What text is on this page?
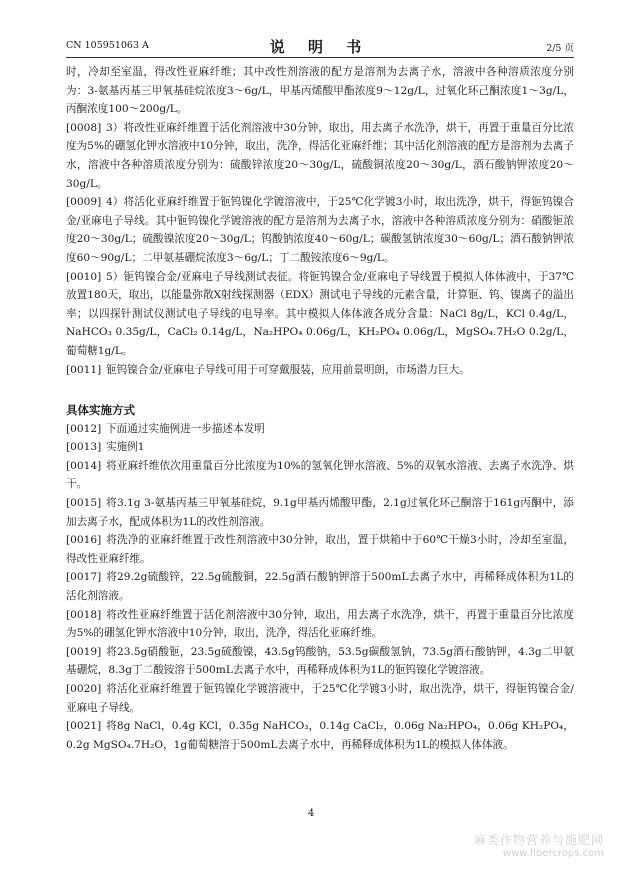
CN 105951063 A	说 明 书	2/5 页
时，冷却至室温，得改性亚麻纤维；其中改性剂溶液的配方是溶剂为去离子水，溶液中各种溶质浓度分别为：3-氨基丙基三甲氧基硅烷浓度3～6g/L，甲基丙烯酸甲酯浓度9～12g/L，过氧化环己酮浓度1～3g/L，丙酮浓度100～200g/L。
[0008] 3）将改性亚麻纤维置于活化剂溶液中30分钟，取出，用去离子水洗净，烘干，再置于重量百分比浓度为5%的硼氢化钾水溶液中10分钟，取出，洗净，得活化亚麻纤维；其中活化剂溶液的配方是溶剂为去离子水，溶液中各种溶质浓度分别为：硫酸锌浓度20～30g/L，硫酸铜浓度20～30g/L，酒石酸钠钾浓度20～30g/L。
[0009] 4）将活化亚麻纤维置于钷钨镍化学镀溶液中，于25℃化学镀3小时，取出洗净，烘干，得钷钨镍合金/亚麻电子导线。其中钷钨镍化学镀溶液的配方是溶剂为去离子水，溶液中各种溶质浓度分别为：硝酸钷浓度20～30g/L；硫酸镍浓度20～30g/L；钨酸钠浓度40～60g/L；碳酸氢钠浓度30～60g/L；酒石酸钠钾浓度60～90g/L；二甲氨基硼烷浓度3～6g/L；丁二酸铵浓度6～9g/L。
[0010] 5）钷钨镍合金/亚麻电子导线测试表征。将钷钨镍合金/亚麻电子导线置于模拟人体体液中，于37℃放置180天，取出，以能量弥散X射线探测器（EDX）测试电子导线的元素含量，计算钷、钨、镍离子的溢出率；以四探针测试仪测试电子导线的电导率。其中模拟人体体液各成分含量：NaCl 8g/L，KCl 0.4g/L，NaHCO₃ 0.35g/L，CaCl₂ 0.14g/L，Na₂HPO₄ 0.06g/L，KH₂PO₄ 0.06g/L，MgSO₄.7H₂O 0.2g/L，葡萄糖1g/L。
[0011] 钷钨镍合金/亚麻电子导线可用于可穿戴服装，应用前景明朗，市场潜力巨大。
具体实施方式
[0012] 下面通过实施例进一步描述本发明
[0013] 实施例1
[0014] 将亚麻纤维依次用重量百分比浓度为10%的氢氧化钾水溶液、5%的双氧水溶液、去离子水洗净、烘干。
[0015] 将3.1g 3-氨基丙基三甲氧基硅烷，9.1g甲基丙烯酸甲酯，2.1g过氧化环己酮溶于161g丙酮中，添加去离子水，配成体积为1L的改性剂溶液。
[0016] 将洗净的亚麻纤维置于改性剂溶液中30分钟，取出，置于烘箱中于60℃干燥3小时，冷却至室温，得改性亚麻纤维。
[0017] 将29.2g硫酸锌，22.5g硫酸铜，22.5g酒石酸钠钾溶于500mL去离子水中，再稀释成体积为1L的活化剂溶液。
[0018] 将改性亚麻纤维置于活化剂溶液中30分钟，取出，用去离子水洗净，烘干，再置于重量百分比浓度为5%的硼氢化钾水溶液中10分钟，取出，洗净，得活化亚麻纤维。
[0019] 将23.5g硝酸钷，23.5g硫酸镍，43.5g钨酸钠，53.5g碳酸氢钠，73.5g酒石酸钠钾，4.3g二甲氨基硼烷，8.3g丁二酸铵溶于500mL去离子水中，再稀释成体积为1L的钷钨镍化学镀溶液。
[0020] 将活化亚麻纤维置于钷钨镍化学镀溶液中，于25℃化学镀3小时，取出洗净，烘干，得钷钨镍合金/亚麻电子导线。
[0021] 将8g NaCl，0.4g KCl，0.35g NaHCO₃，0.14g CaCl₂，0.06g Na₂HPO₄，0.06g KH₂PO₄，0.2g MgSO₄.7H₂O，1g葡萄糖溶于500mL去离子水中，再稀释成体积为1L的模拟人体体液。
4
麻类作物营养与施肥网
www.fibercrops.com
